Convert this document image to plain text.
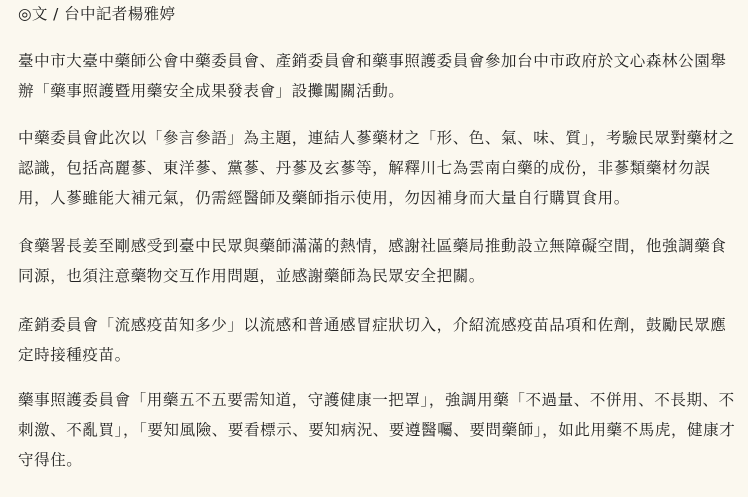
◎文 / 台中記者楊雅婷

臺中市大臺中藥師公會中藥委員會、產銷委員會和藥事照護委員會參加台中市政府於文心森林公園舉辦「藥事照護暨用藥安全成果發表會」設攤闖關活動。

中藥委員會此次以「參言參語」為主題，連結人蔘藥材之「形、色、氣、味、質」，考驗民眾對藥材之認識，包括高麗蔘、東洋蔘、黨蔘、丹蔘及玄蔘等，解釋川七為雲南白藥的成份，非蔘類藥材勿誤用，人蔘雖能大補元氣，仍需經醫師及藥師指示使用，勿因補身而大量自行購買食用。

食藥署長姜至剛感受到臺中民眾與藥師滿滿的熱情，感謝社區藥局推動設立無障礙空間，他強調藥食同源，也須注意藥物交互作用問題，並感謝藥師為民眾安全把關。

產銷委員會「流感疫苗知多少」以流感和普通感冒症狀切入，介紹流感疫苗品項和佐劑，鼓勵民眾應定時接種疫苗。

藥事照護委員會「用藥五不五要需知道，守護健康一把罩」，強調用藥「不過量、不併用、不長期、不刺激、不亂買」，「要知風險、要看標示、要知病況、要遵醫囑、要問藥師」，如此用藥不馬虎，健康才守得住。
